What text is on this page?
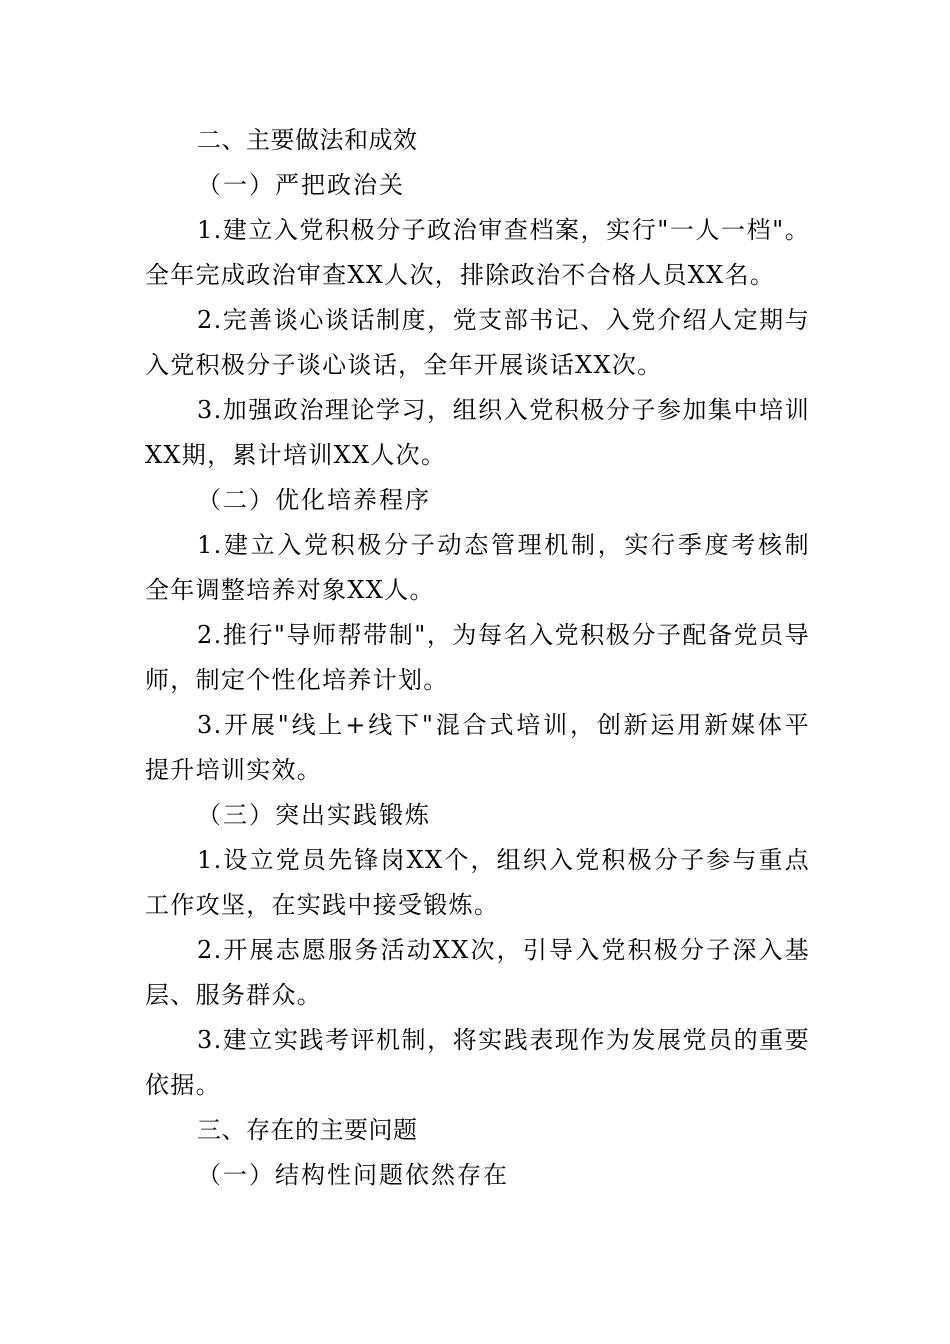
二、主要做法和成效
（一）严把政治关
1.建立入党积极分子政治审查档案，实行"一人一档"。
全年完成政治审查XX人次，排除政治不合格人员XX名。
2.完善谈心谈话制度，党支部书记、入党介绍人定期与
入党积极分子谈心谈话，全年开展谈话XX次。
3.加强政治理论学习，组织入党积极分子参加集中培训
XX期，累计培训XX人次。
（二）优化培养程序
1.建立入党积极分子动态管理机制，实行季度考核制
全年调整培养对象XX人。
2.推行"导师帮带制"，为每名入党积极分子配备党员导
师，制定个性化培养计划。
3.开展"线上+线下"混合式培训，创新运用新媒体平
提升培训实效。
（三）突出实践锻炼
1.设立党员先锋岗XX个，组织入党积极分子参与重点
工作攻坚，在实践中接受锻炼。
2.开展志愿服务活动XX次，引导入党积极分子深入基
层、服务群众。
3.建立实践考评机制，将实践表现作为发展党员的重要
依据。
三、存在的主要问题
（一）结构性问题依然存在
